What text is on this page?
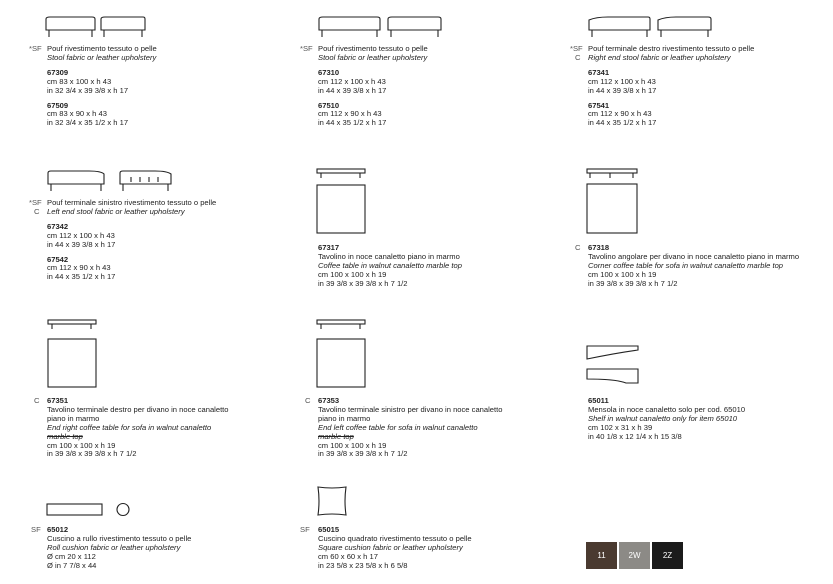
*SF Pouf rivestimento tessuto o pelle
Stool fabric or leather upholstery
67309
cm 83 x 100 x h 43
in 32 3/4 x 39 3/8 x h 17
67509
cm 83 x 90 x h 43
in 32 3/4 x 35 1/2 x h 17
*SF Pouf rivestimento tessuto o pelle
Stool fabric or leather upholstery
67310
cm 112 x 100 x h 43
in 44 x 39 3/8 x h 17
67510
cm 112 x 90 x h 43
in 44 x 35 1/2 x h 17
*SF
C
Pouf terminale destro rivestimento tessuto o pelle
Right end stool fabric or leather upholstery
67341
cm 112 x 100 x h 43
in 44 x 39 3/8 x h 17
67541
cm 112 x 90 x h 43
in 44 x 35 1/2 x h 17
*SF
C
Pouf terminale sinistro rivestimento tessuto o pelle
Left end stool fabric or leather upholstery
67342
cm 112 x 100 x h 43
in 44 x 39 3/8 x h 17
67542
cm 112 x 90 x h 43
in 44 x 35 1/2 x h 17
67317
Tavolino in noce canaletto piano in marmo
Coffee table in walnut canaletto marble top
cm 100 x 100 x h 19
in 39 3/8 x 39 3/8 x h 7 1/2
C 67318
Tavolino angolare per divano in noce canaletto piano in marmo
Corner coffee table for sofa in walnut canaletto marble top
cm 100 x 100 x h 19
in 39 3/8 x 39 3/8 x h 7 1/2
C 67351
Tavolino terminale destro per divano in noce canaletto
piano in marmo
End right coffee table for sofa in walnut canaletto
marble top
cm 100 x 100 x h 19
in 39 3/8 x 39 3/8 x h 7 1/2
C 67353
Tavolino terminale sinistro per divano in noce canaletto
piano in marmo
End left coffee table for sofa in walnut canaletto
marble top
cm 100 x 100 x h 19
in 39 3/8 x 39 3/8 x h 7 1/2
65011
Mensola in noce canaletto solo per cod. 65010
Shelf in walnut canaletto only for item 65010
cm 102 x 31 x h 39
in 40 1/8 x 12 1/4 x h 15 3/8
SF 65012
Cuscino a rullo rivestimento tessuto o pelle
Roll cushion fabric or leather upholstery
Ø cm 20 x 112
Ø in 7 7/8 x 44
SF 65015
Cuscino quadrato rivestimento tessuto o pelle
Square cushion fabric or leather upholstery
cm 60 x 60 x h 17
in 23 5/8 x 23 5/8 x h 6 5/8
11	2W	2Z
